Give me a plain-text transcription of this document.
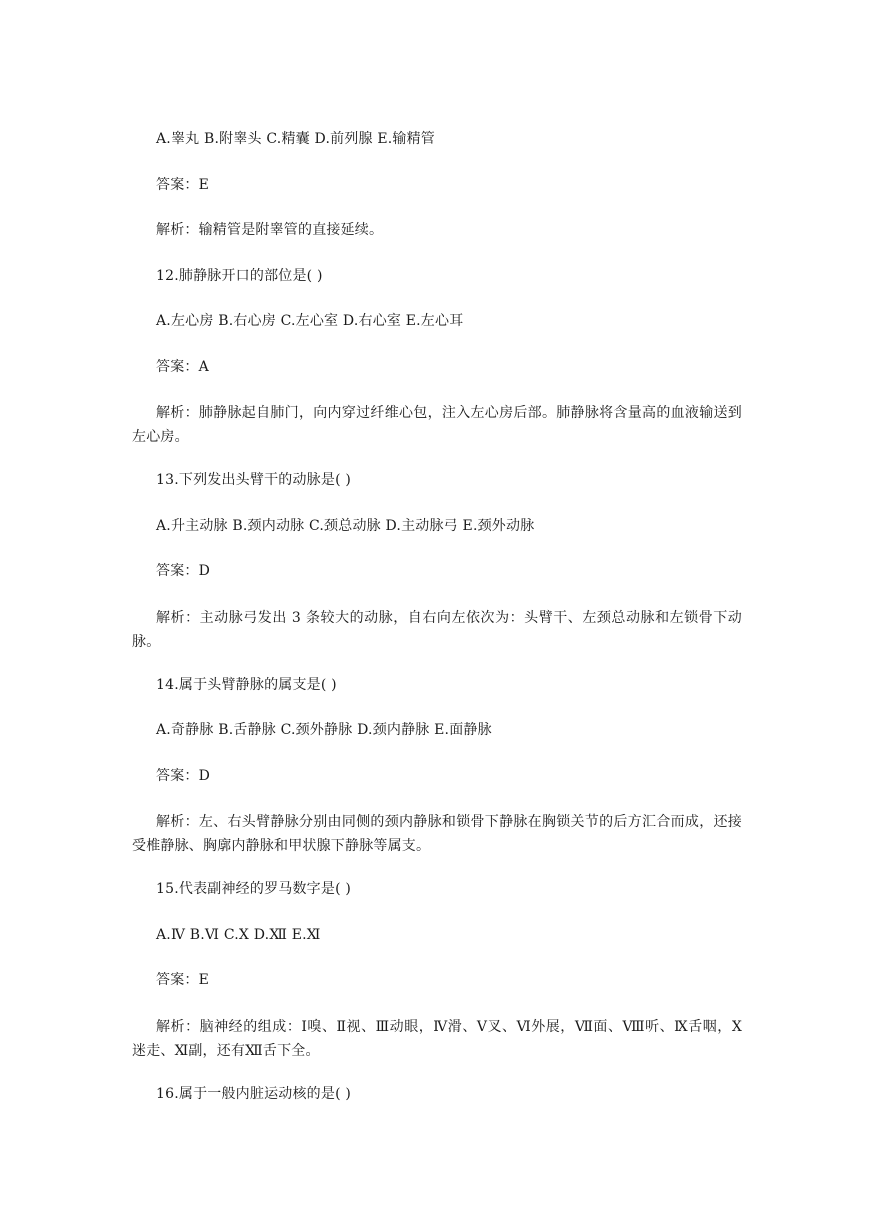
A.睾丸 B.附睾头 C.精囊 D.前列腺 E.输精管
答案：E
解析：输精管是附睾管的直接延续。
12.肺静脉开口的部位是( )
A.左心房 B.右心房 C.左心室 D.右心室 E.左心耳
答案：A
解析：肺静脉起自肺门，向内穿过纤维心包，注入左心房后部。肺静脉将含量高的血液输送到左心房。
13.下列发出头臂干的动脉是( )
A.升主动脉 B.颈内动脉 C.颈总动脉 D.主动脉弓 E.颈外动脉
答案：D
解析：主动脉弓发出 3 条较大的动脉，自右向左依次为：头臂干、左颈总动脉和左锁骨下动脉。
14.属于头臂静脉的属支是( )
A.奇静脉 B.舌静脉 C.颈外静脉 D.颈内静脉 E.面静脉
答案：D
解析：左、右头臂静脉分别由同侧的颈内静脉和锁骨下静脉在胸锁关节的后方汇合而成，还接受椎静脉、胸廓内静脉和甲状腺下静脉等属支。
15.代表副神经的罗马数字是( )
A.Ⅳ B.Ⅵ C.Ⅹ D.Ⅻ E.Ⅺ
答案：E
解析：脑神经的组成：Ⅰ嗅、Ⅱ视、Ⅲ动眼，Ⅳ滑、Ⅴ叉、Ⅵ外展，Ⅶ面、Ⅷ听、Ⅸ舌咽，Ⅹ迷走、Ⅺ副，还有Ⅻ舌下全。
16.属于一般内脏运动核的是( )
